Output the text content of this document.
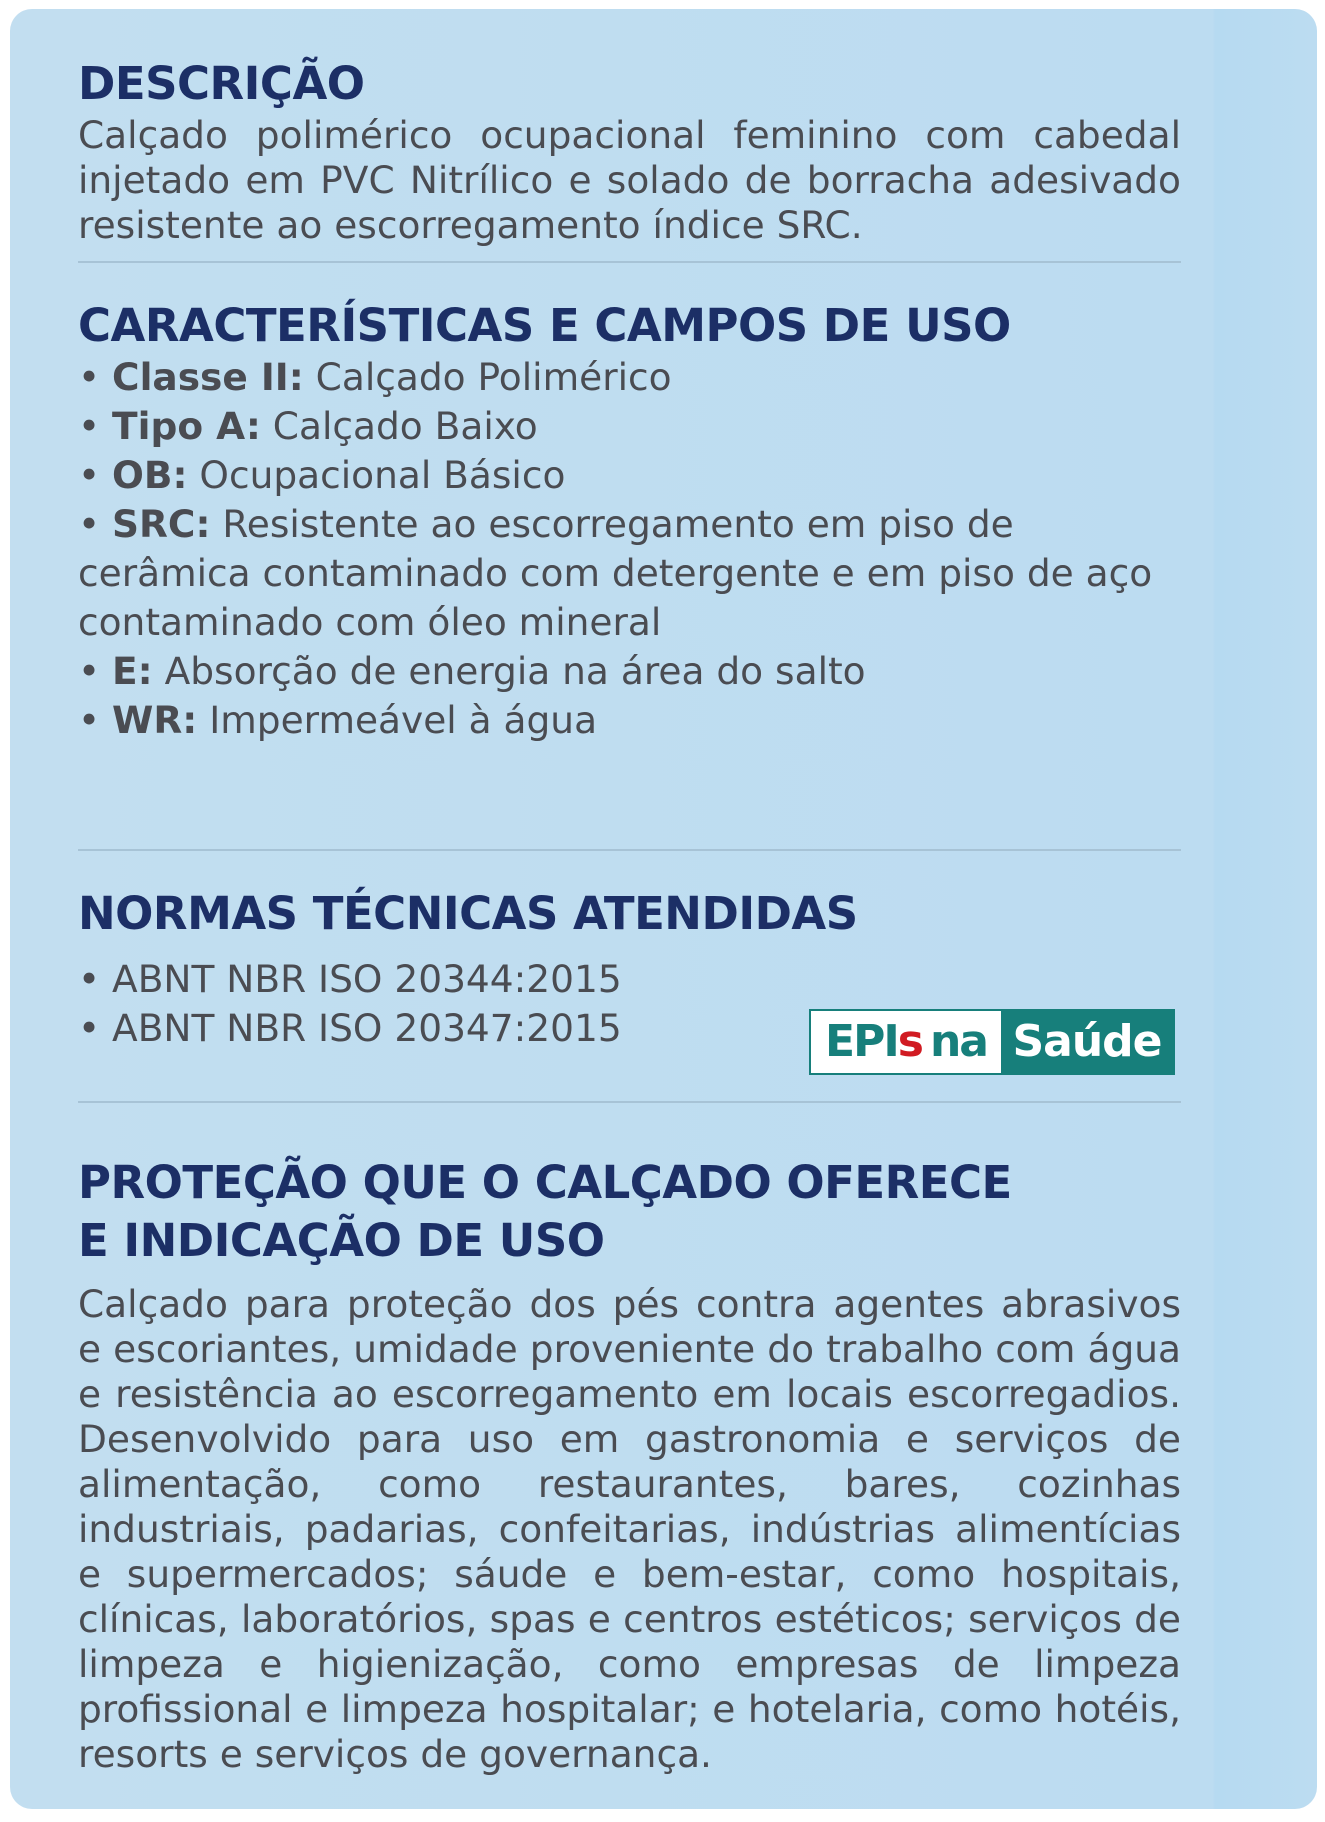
DESCRIÇÃO

Calçado polimérico ocupacional feminino com cabedal injetado em PVC Nitrílico e solado de borracha adesivado resistente ao escorregamento índice SRC.

CARACTERÍSTICAS E CAMPOS DE USO
• Classe II: Calçado Polimérico
• Tipo A: Calçado Baixo
• OB: Ocupacional Básico
• SRC: Resistente ao escorregamento em piso de cerâmica contaminado com detergente e em piso de aço contaminado com óleo mineral
• E: Absorção de energia na área do salto
• WR: Impermeável à água
NORMAS TÉCNICAS ATENDIDAS
• ABNT NBR ISO 20344:2015
• ABNT NBR ISO 20347:2015	EPI s na Saúde
PROTEÇÃO QUE O CALÇADO OFERECE
E INDICAÇÃO DE USO

Calçado para proteção dos pés contra agentes abrasivos e escoriantes, umidade proveniente do trabalho com água e resistência ao escorregamento em locais escorregadios. Desenvolvido para uso em gastronomia e serviços de alimentação, como restaurantes, bares, cozinhas industriais, padarias, confeitarias, indústrias alimentícias e supermercados; sáude e bem-estar, como hospitais, clínicas, laboratórios, spas e centros estéticos; serviços de limpeza e higienização, como empresas de limpeza profissional e limpeza hospitalar; e hotelaria, como hotéis, resorts e serviços de governança.
